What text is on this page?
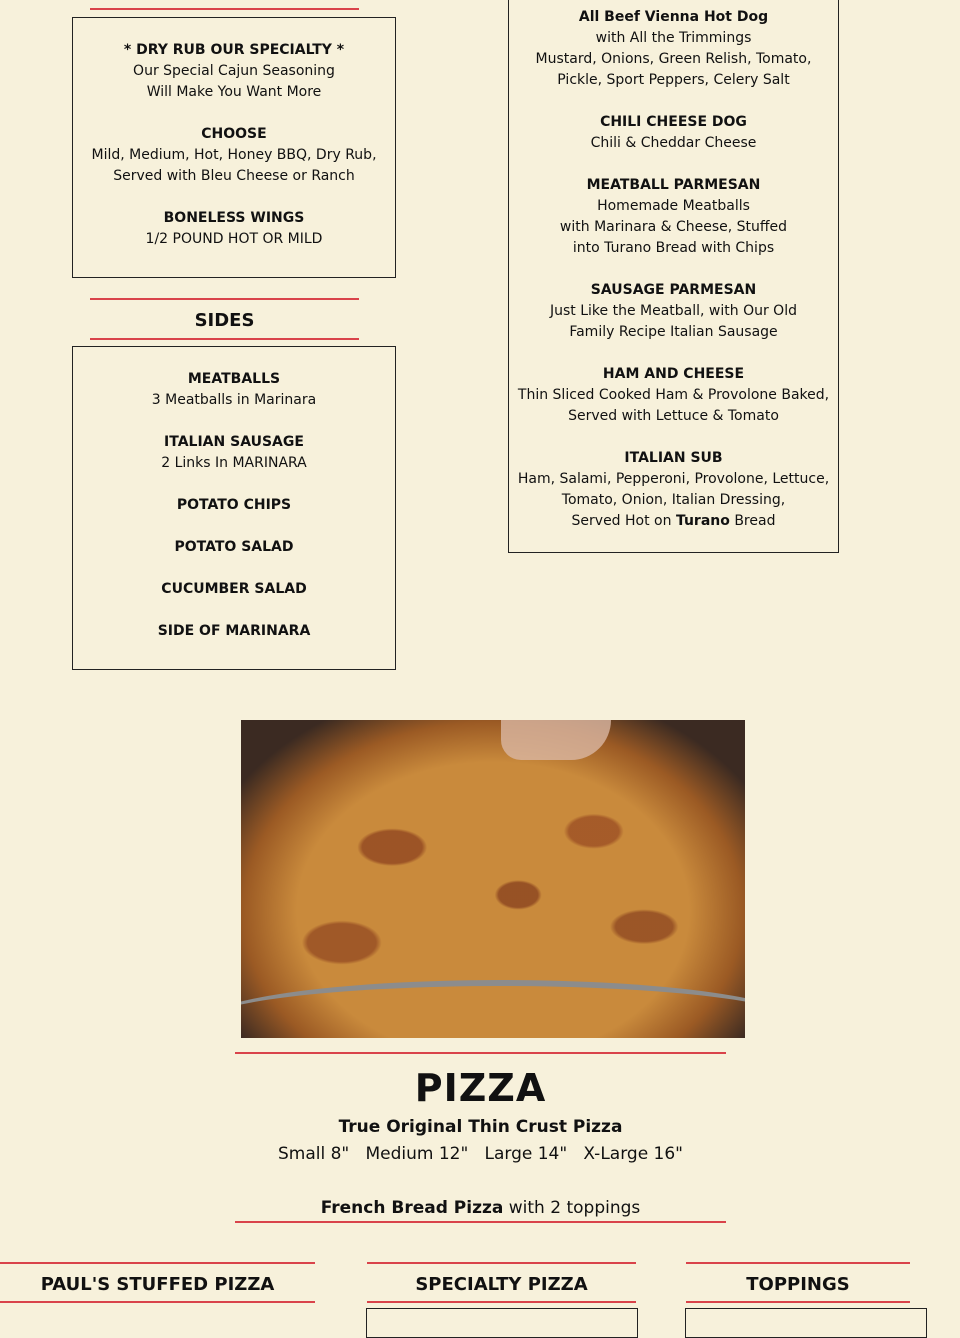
* DRY RUB OUR SPECIALTY *
Our Special Cajun Seasoning
Will Make You Want More
CHOOSE
Mild, Medium, Hot, Honey BBQ, Dry Rub,
Served with Bleu Cheese or Ranch
BONELESS WINGS
1/2 POUND HOT OR MILD
SIDES
MEATBALLS
3 Meatballs in Marinara
ITALIAN SAUSAGE
2 Links In MARINARA
POTATO CHIPS
POTATO SALAD
CUCUMBER SALAD
SIDE OF MARINARA
All Beef Vienna Hot Dog
with All the Trimmings
Mustard, Onions, Green Relish, Tomato,
Pickle, Sport Peppers, Celery Salt
CHILI CHEESE DOG
Chili & Cheddar Cheese
MEATBALL PARMESAN
Homemade Meatballs
with Marinara & Cheese, Stuffed
into Turano Bread with Chips
SAUSAGE PARMESAN
Just Like the Meatball, with Our Old
Family Recipe Italian Sausage
HAM AND CHEESE
Thin Sliced Cooked Ham & Provolone Baked,
Served with Lettuce & Tomato
ITALIAN SUB
Ham, Salami, Pepperoni, Provolone, Lettuce,
Tomato, Onion, Italian Dressing,
Served Hot on Turano Bread
PIZZA
True Original Thin Crust Pizza
Small 8"   Medium 12"   Large 14"   X-Large 16"
French Bread Pizza with 2 toppings
PAUL'S STUFFED PIZZA	SPECIALTY PIZZA	TOPPINGS
